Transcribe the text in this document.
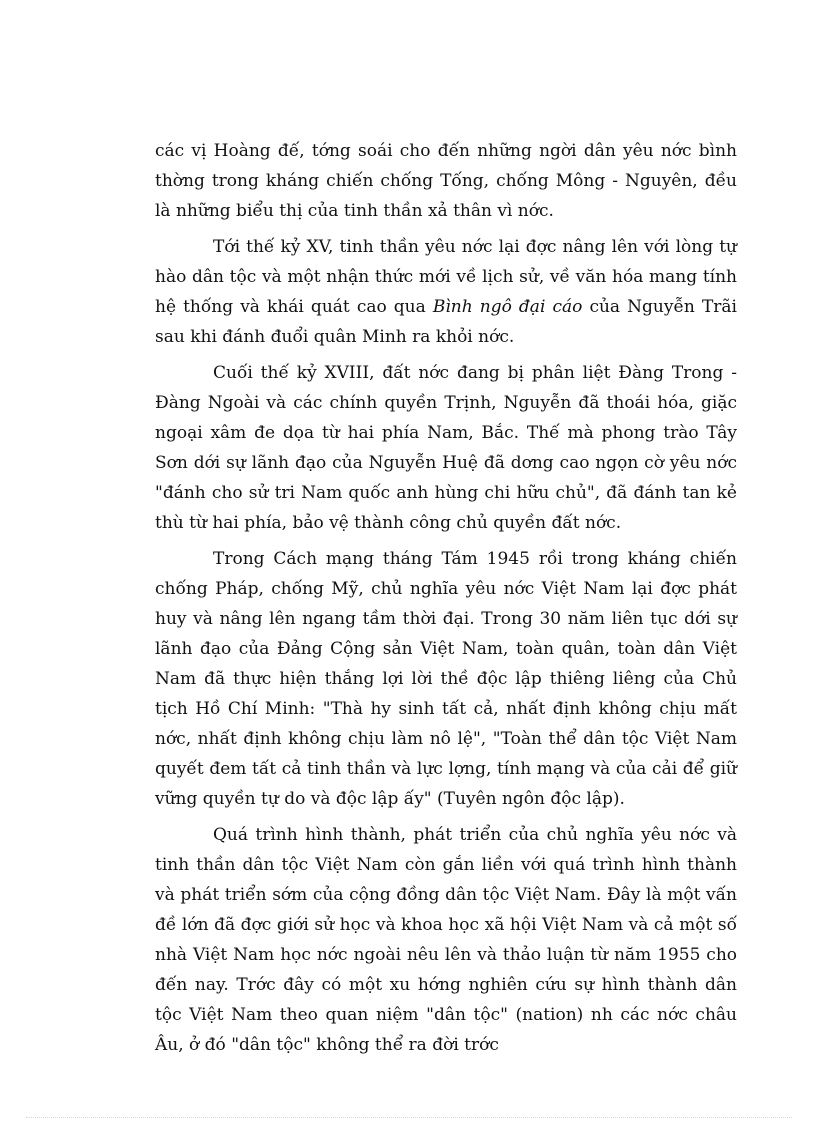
các vị Hoàng đế, tớng soái cho đến những ngời dân yêu nớc bình thờng trong kháng chiến chống Tống, chống Mông - Nguyên, đều là những biểu thị của tinh thần xả thân vì nớc.

Tới thế kỷ XV, tinh thần yêu nớc lại đợc nâng lên với lòng tự hào dân tộc và một nhận thức mới về lịch sử, về văn hóa mang tính hệ thống và khái quát cao qua Bình ngô đại cáo của Nguyễn Trãi sau khi đánh đuổi quân Minh ra khỏi nớc.

Cuối thế kỷ XVIII, đất nớc đang bị phân liệt Đàng Trong - Đàng Ngoài và các chính quyền Trịnh, Nguyễn đã thoái hóa, giặc ngoại xâm đe dọa từ hai phía Nam, Bắc. Thế mà phong trào Tây Sơn dới sự lãnh đạo của Nguyễn Huệ đã dơng cao ngọn cờ yêu nớc "đánh cho sử tri Nam quốc anh hùng chi hữu chủ", đã đánh tan kẻ thù từ hai phía, bảo vệ thành công chủ quyền đất nớc.

Trong Cách mạng tháng Tám 1945 rồi trong kháng chiến chống Pháp, chống Mỹ, chủ nghĩa yêu nớc Việt Nam lại đợc phát huy và nâng lên ngang tầm thời đại. Trong 30 năm liên tục dới sự lãnh đạo của Đảng Cộng sản Việt Nam, toàn quân, toàn dân Việt Nam đã thực hiện thắng lợi lời thề độc lập thiêng liêng của Chủ tịch Hồ Chí Minh: "Thà hy sinh tất cả, nhất định không chịu mất nớc, nhất định không chịu làm nô lệ", "Toàn thể dân tộc Việt Nam quyết đem tất cả tinh thần và lực lợng, tính mạng và của cải để giữ vững quyền tự do và độc lập ấy" (Tuyên ngôn độc lập).

Quá trình hình thành, phát triển của chủ nghĩa yêu nớc và tinh thần dân tộc Việt Nam còn gắn liền với quá trình hình thành và phát triển sớm của cộng đồng dân tộc Việt Nam. Đây là một vấn đề lớn đã đợc giới sử học và khoa học xã hội Việt Nam và cả một số nhà Việt Nam học nớc ngoài nêu lên và thảo luận từ năm 1955 cho đến nay. Trớc đây có một xu hớng nghiên cứu sự hình thành dân tộc Việt Nam theo quan niệm "dân tộc" (nation) nh các nớc châu Âu, ở đó "dân tộc" không thể ra đời trớc
